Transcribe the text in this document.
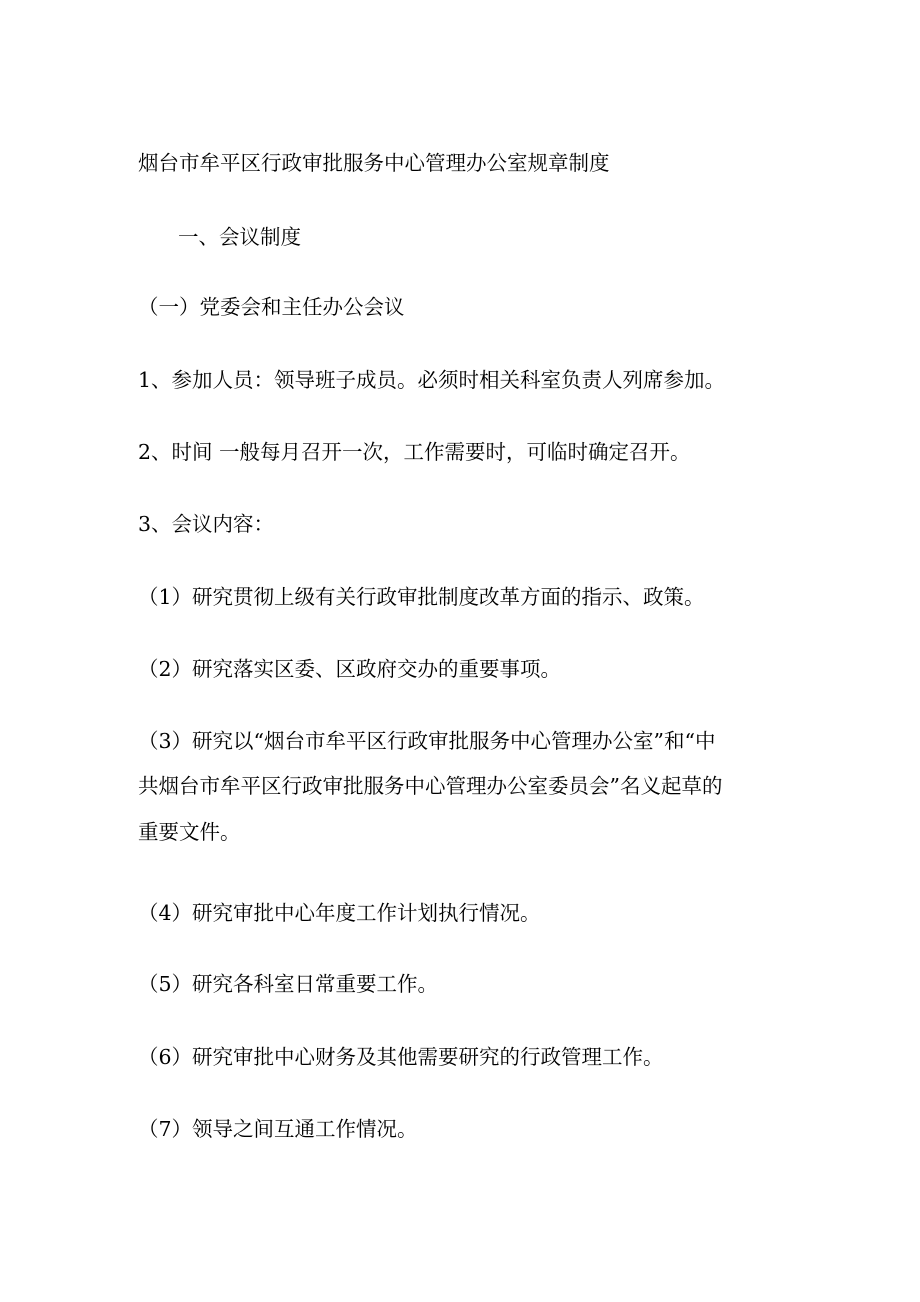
烟台市牟平区行政审批服务中心管理办公室规章制度
一、会议制度
（一）党委会和主任办公会议
1、参加人员：领导班子成员。必须时相关科室负责人列席参加。
2、时间 一般每月召开一次，工作需要时，可临时确定召开。
3、会议内容：
（1）研究贯彻上级有关行政审批制度改革方面的指示、政策。
（2）研究落实区委、区政府交办的重要事项。
（3）研究以“烟台市牟平区行政审批服务中心管理办公室”和“中
共烟台市牟平区行政审批服务中心管理办公室委员会”名义起草的
重要文件。
（4）研究审批中心年度工作计划执行情况。
（5）研究各科室日常重要工作。
（6）研究审批中心财务及其他需要研究的行政管理工作。
（7）领导之间互通工作情况。
